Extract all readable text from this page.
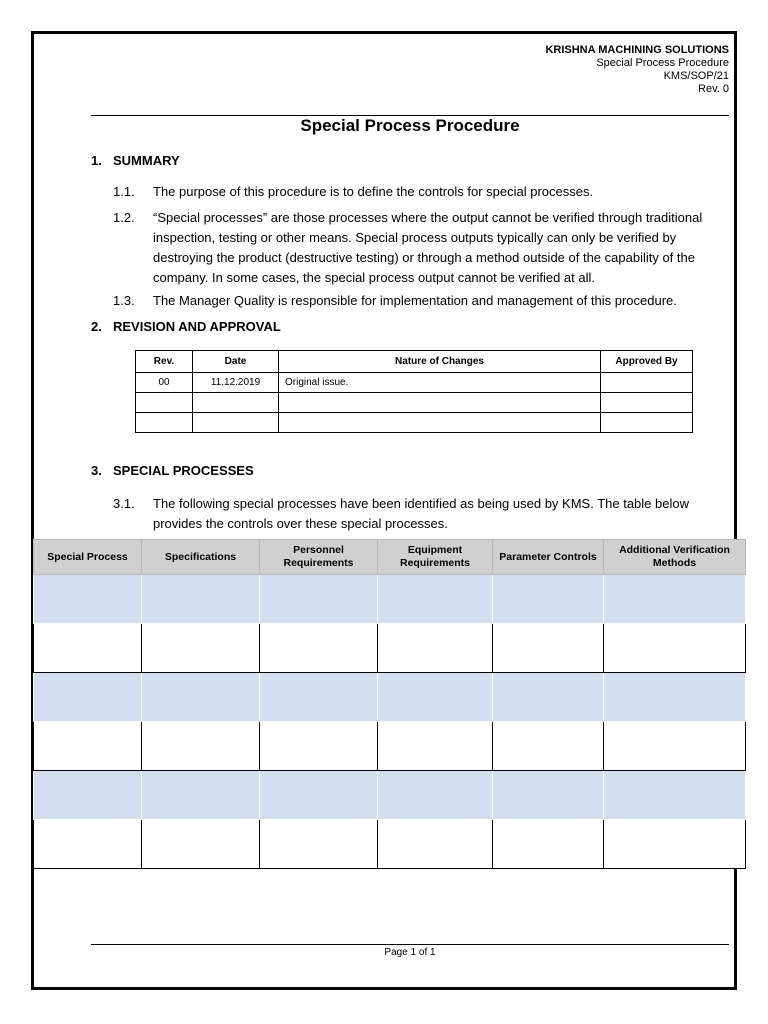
KRISHNA MACHINING SOLUTIONS
Special Process Procedure
KMS/SOP/21
Rev. 0
Special Process Procedure
1. SUMMARY
1.1. The purpose of this procedure is to define the controls for special processes.
1.2. “Special processes” are those processes where the output cannot be verified through traditional inspection, testing or other means. Special process outputs typically can only be verified by destroying the product (destructive testing) or through a method outside of the capability of the company. In some cases, the special process output cannot be verified at all.
1.3. The Manager Quality is responsible for implementation and management of this procedure.
2. REVISION AND APPROVAL
Rev.	Date	Nature of Changes	Approved By
00	11.12.2019	Original issue.	

3. SPECIAL PROCESSES
3.1. The following special processes have been identified as being used by KMS. The table below provides the controls over these special processes.
Special Process	Specifications	Personnel Requirements	Equipment Requirements	Parameter Controls	Additional Verification Methods

Page 1 of 1
